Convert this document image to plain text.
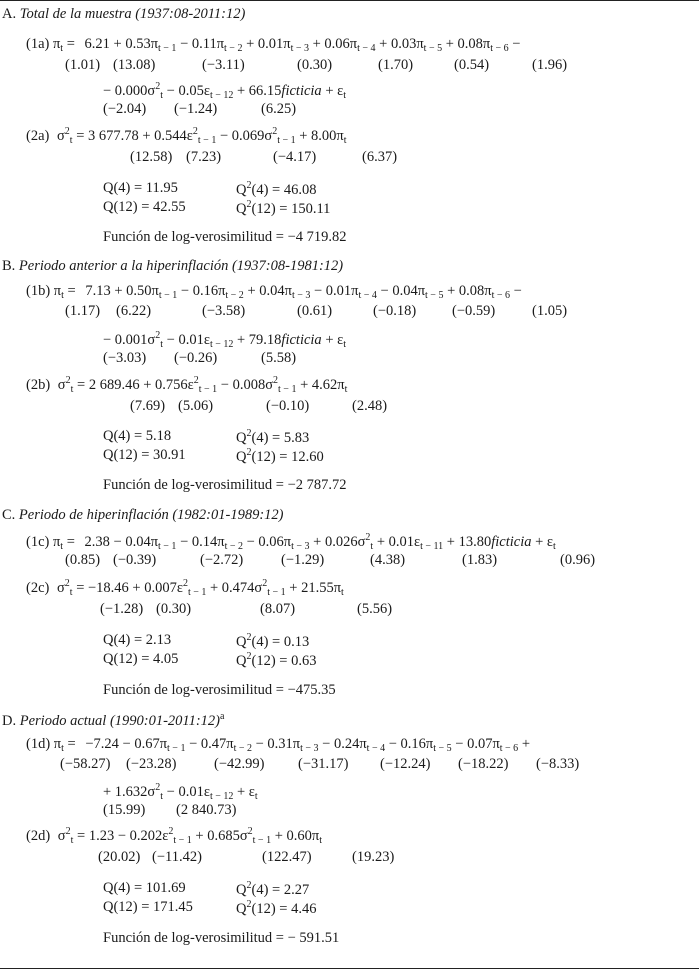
A. Total de la muestra (1937:08-2011:12)
(1a) $\pi_t = 6.21 + 0.53\pi_{t - 1} - 0.11\pi_{t - 2} + 0.01\pi_{t - 3} + 0.06\pi_{t - 4} + 0.03\pi_{t - 5} + 0.08\pi_{t - 6}$ −
(1.01) (13.08)	(−3.11)	(0.30)	(1.70)	(0.54)	(1.96)
− $0.000\sigma^2_t - 0.05\varepsilon_{t - 12}$ + 66.15ficticia + $\varepsilon_t$
(−2.04) (−1.24)	(6.25)
(2a) $\sigma^2_t = 3$ $677.78 + 0.544\varepsilon^2_{t - 1} - 0.069\sigma^2_{t - 1} + 8.00\pi_t$
(12.58) (7.23)	(−4.17)	(6.37)
Q(4) = 11.95	$Q^2(4) = 46.08$
Q(12) = 42.55	$Q^2(12) = 150.11$
Función de log-verosimilitud = −4 719.82
B. Periodo anterior a la hiperinflación (1937:08-1981:12)
(1b) $\pi_t = 7.13 + 0.50\pi_{t - 1} - 0.16\pi_{t - 2} + 0.04\pi_{t - 3} - 0.01\pi_{t - 4} - 0.04\pi_{t - 5} + 0.08\pi_{t - 6}$ −
(1.17) (6.22)	(−3.58)	(0.61)	(−0.18) (−0.59)	(1.05)
− $0.001\sigma^2_t - 0.01\varepsilon_{t - 12}$ + 79.18ficticia + $\varepsilon_t$
(−3.03) (−0.26)	(5.58)
(2b) $\sigma^2_t = 2$ $689.46 + 0.756\varepsilon^2_{t - 1} - 0.008\sigma^2_{t - 1} + 4.62\pi_t$
(7.69) (5.06)	(−0.10)	(2.48)
Q(4) = 5.18	$Q^2(4) = 5.83$
Q(12) = 30.91	$Q^2(12) = 12.60$
Función de log-verosimilitud = −2 787.72
C. Periodo de hiperinflación (1982:01-1989:12)
(1c) $\pi_t = 2.38 - 0.04\pi_{t - 1} - 0.14\pi_{t - 2} - 0.06\pi_{t - 3} + 0.026\sigma^2_t + 0.01\varepsilon_{t - 11}$ + 13.80ficticia + $\varepsilon_t$
(0.85) (−0.39)	(−2.72)	(−1.29)	(4.38)	(1.83)	(0.96)
(2c) $\sigma^2_t = -18.46 + 0.007\varepsilon^2_{t - 1} + 0.474\sigma^2_{t - 1} + 21.55\pi_t$
(−1.28) (0.30)	(8.07)	(5.56)
Q(4) = 2.13	$Q^2(4) = 0.13$
Q(12) = 4.05	$Q^2(12) = 0.63$
Función de log-verosimilitud = −475.35
D. Periodo actual (1990:01-2011:12)$^a$
(1d) $\pi_t = -7.24 - 0.67\pi_{t - 1} - 0.47\pi_{t - 2} - 0.31\pi_{t - 3} - 0.24\pi_{t - 4} - 0.16\pi_{t - 5} - 0.07\pi_{t - 6}$ +
(−58.27) (−23.28)	(−42.99) (−31.17) (−12.24) (−18.22) (−8.33)
+ $1.632\sigma^2_t - 0.01\varepsilon_{t - 12} + \varepsilon_t$
(15.99) (2 840.73)
(2d) $\sigma^2_t = 1.23 - 0.202\varepsilon^2_{t - 1} + 0.685\sigma^2_{t - 1} + 0.60\pi_t$
(20.02) (−11.42)	(122.47)	(19.23)
Q(4) = 101.69	$Q^2(4) = 2.27$
Q(12) = 171.45	$Q^2(12) = 4.46$
Función de log-verosimilitud = − 591.51
